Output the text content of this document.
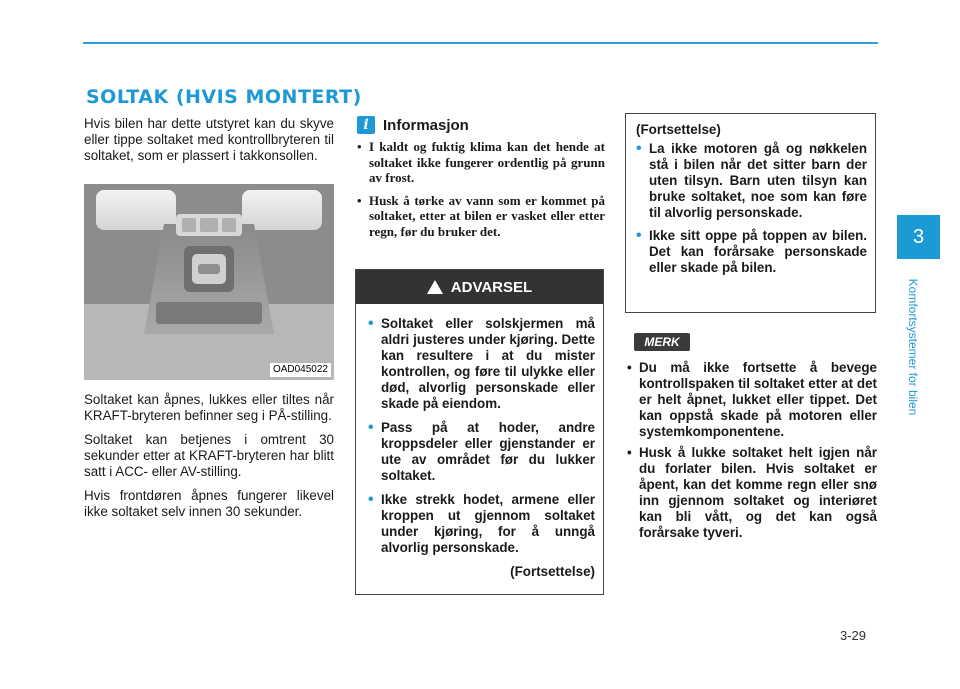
SOLTAK (HVIS MONTERT)

Hvis bilen har dette utstyret kan du skyve eller tippe soltaket med kontrollbryteren til soltaket, som er plassert i takkonsollen.

OAD045022

Soltaket kan åpnes, lukkes eller tiltes når KRAFT-bryteren befinner seg i PÅ-stilling.

Soltaket kan betjenes i omtrent 30 sekunder etter at KRAFT-bryteren har blitt satt i ACC- eller AV-stilling.

Hvis frontdøren åpnes fungerer likevel ikke soltaket selv innen 30 sekunder.

i Informasjon
• I kaldt og fuktig klima kan det hende at soltaket ikke fungerer ordentlig på grunn av frost.
• Husk å tørke av vann som er kommet på soltaket, etter at bilen er vasket eller etter regn, før du bruker det.
ADVARSEL
• Soltaket eller solskjermen må aldri justeres under kjøring. Dette kan resultere i at du mister kontrollen, og føre til ulykke eller død, alvorlig personskade eller skade på eiendom.
• Pass på at hoder, andre kroppsdeler eller gjenstander er ute av området før du lukker soltaket.
• Ikke strekk hodet, armene eller kroppen ut gjennom soltaket under kjøring, for å unngå alvorlig personskade.
(Fortsettelse)
(Fortsettelse)
• La ikke motoren gå og nøkkelen stå i bilen når det sitter barn der uten tilsyn. Barn uten tilsyn kan bruke soltaket, noe som kan føre til alvorlig personskade.
• Ikke sitt oppe på toppen av bilen. Det kan forårsake personskade eller skade på bilen.
MERK
• Du må ikke fortsette å bevege kontrollspaken til soltaket etter at det er helt åpnet, lukket eller tippet. Det kan oppstå skade på motoren eller systemkomponentene.
• Husk å lukke soltaket helt igjen når du forlater bilen. Hvis soltaket er åpent, kan det komme regn eller snø inn gjennom soltaket og interiøret kan bli vått, og det kan også forårsake tyveri.
3
Komfortsystemer for bilen
3-29
